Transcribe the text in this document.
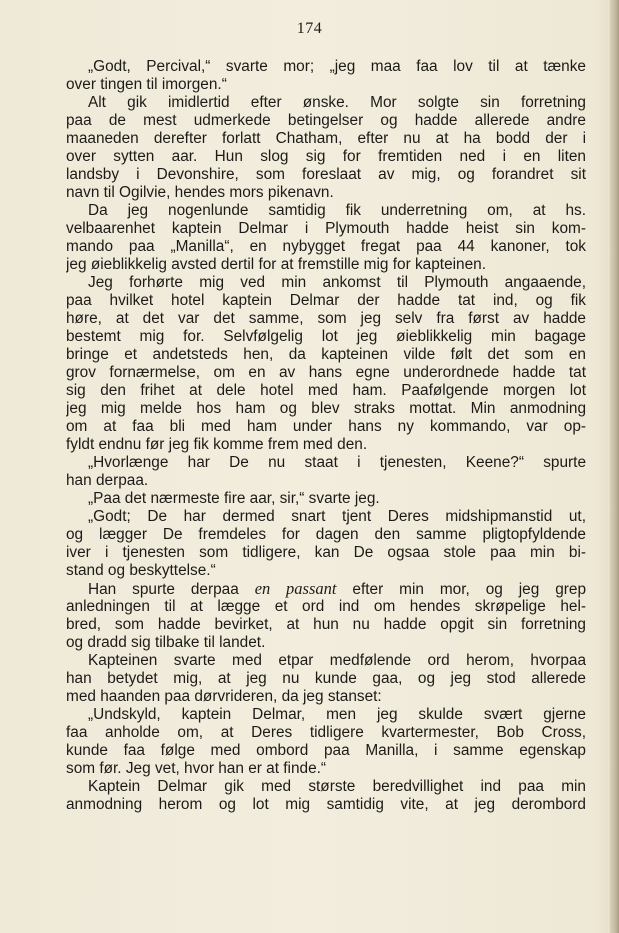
174
„Godt, Percival,“ svarte mor; „jeg maa faa lov til at tænke
over tingen til imorgen.“
Alt gik imidlertid efter ønske. Mor solgte sin forretning
paa de mest udmerkede betingelser og hadde allerede andre
maaneden derefter forlatt Chatham, efter nu at ha bodd der i
over sytten aar. Hun slog sig for fremtiden ned i en liten
landsby i Devonshire, som foreslaat av mig, og forandret sit
navn til Ogilvie, hendes mors pikenavn.
Da jeg nogenlunde samtidig fik underretning om, at hs.
velbaarenhet kaptein Delmar i Plymouth hadde heist sin kom-
mando paa „Manilla“, en nybygget fregat paa 44 kanoner, tok
jeg øieblikkelig avsted dertil for at fremstille mig for kapteinen.
Jeg forhørte mig ved min ankomst til Plymouth angaaende,
paa hvilket hotel kaptein Delmar der hadde tat ind, og fik
høre, at det var det samme, som jeg selv fra først av hadde
bestemt mig for. Selvfølgelig lot jeg øieblikkelig min bagage
bringe et andetsteds hen, da kapteinen vilde følt det som en
grov fornærmelse, om en av hans egne underordnede hadde tat
sig den frihet at dele hotel med ham. Paafølgende morgen lot
jeg mig melde hos ham og blev straks mottat. Min anmodning
om at faa bli med ham under hans ny kommando, var op-
fyldt endnu før jeg fik komme frem med den.
„Hvorlænge har De nu staat i tjenesten, Keene?“ spurte
han derpaa.
„Paa det nærmeste fire aar, sir,“ svarte jeg.
„Godt; De har dermed snart tjent Deres midshipmanstid ut,
og lægger De fremdeles for dagen den samme pligtopfyldende
iver i tjenesten som tidligere, kan De ogsaa stole paa min bi-
stand og beskyttelse.“
Han spurte derpaa en passant efter min mor, og jeg grep
anledningen til at lægge et ord ind om hendes skrøpelige hel-
bred, som hadde bevirket, at hun nu hadde opgit sin forretning
og dradd sig tilbake til landet.
Kapteinen svarte med etpar medfølende ord herom, hvorpaa
han betydet mig, at jeg nu kunde gaa, og jeg stod allerede
med haanden paa dørvrideren, da jeg stanset:
„Undskyld, kaptein Delmar, men jeg skulde svært gjerne
faa anholde om, at Deres tidligere kvartermester, Bob Cross,
kunde faa følge med ombord paa Manilla, i samme egenskap
som før. Jeg vet, hvor han er at finde.“
Kaptein Delmar gik med største beredvillighet ind paa min
anmodning herom og lot mig samtidig vite, at jeg derombord
